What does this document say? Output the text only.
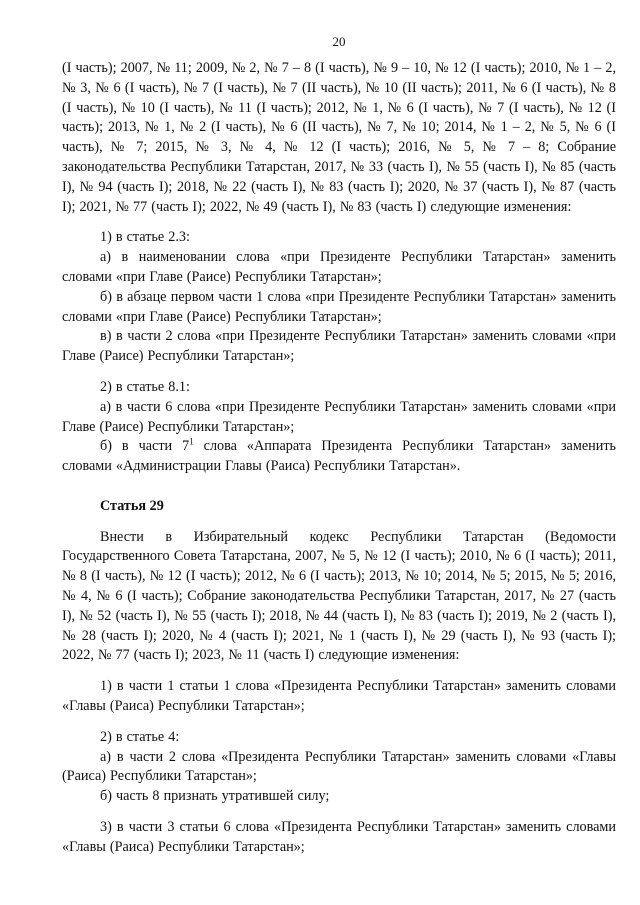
20

(I часть); 2007, № 11; 2009, № 2, № 7 – 8 (I часть), № 9 – 10, № 12 (I часть); 2010, № 1 – 2, № 3, № 6 (I часть), № 7 (I часть), № 7 (II часть), № 10 (II часть); 2011, № 6 (I часть), № 8 (I часть), № 10 (I часть), № 11 (I часть); 2012, № 1, № 6 (I часть), № 7 (I часть), № 12 (I часть); 2013, № 1, № 2 (I часть), № 6 (II часть), № 7, № 10; 2014, № 1 – 2, № 5, № 6 (I часть), № 7; 2015, № 3, № 4, № 12 (I часть); 2016, № 5, № 7 – 8; Собрание законодательства Республики Татарстан, 2017, № 33 (часть I), № 55 (часть I), № 85 (часть I), № 94 (часть I); 2018, № 22 (часть I), № 83 (часть I); 2020, № 37 (часть I), № 87 (часть I); 2021, № 77 (часть I); 2022, № 49 (часть I), № 83 (часть I) следующие изменения:

1) в статье 2.3:

а) в наименовании слова «при Президенте Республики Татарстан» заменить словами «при Главе (Раисе) Республики Татарстан»;

б) в абзаце первом части 1 слова «при Президенте Республики Татарстан» заменить словами «при Главе (Раисе) Республики Татарстан»;

в) в части 2 слова «при Президенте Республики Татарстан» заменить словами «при Главе (Раисе) Республики Татарстан»;

2) в статье 8.1:

а) в части 6 слова «при Президенте Республики Татарстан» заменить словами «при Главе (Раисе) Республики Татарстан»;

б) в части $7^1$ слова «Аппарата Президента Республики Татарстан» заменить словами «Администрации Главы (Раиса) Республики Татарстан».

Статья 29

Внести в Избирательный кодекс Республики Татарстан (Ведомости Государственного Совета Татарстана, 2007, № 5, № 12 (I часть); 2010, № 6 (I часть); 2011, № 8 (I часть), № 12 (I часть); 2012, № 6 (I часть); 2013, № 10; 2014, № 5; 2015, № 5; 2016, № 4, № 6 (I часть); Собрание законодательства Республики Татарстан, 2017, № 27 (часть I), № 52 (часть I), № 55 (часть I); 2018, № 44 (часть I), № 83 (часть I); 2019, № 2 (часть I), № 28 (часть I); 2020, № 4 (часть I); 2021, № 1 (часть I), № 29 (часть I), № 93 (часть I); 2022, № 77 (часть I); 2023, № 11 (часть I) следующие изменения:

1) в части 1 статьи 1 слова «Президента Республики Татарстан» заменить словами «Главы (Раиса) Республики Татарстан»;

2) в статье 4:

а) в части 2 слова «Президента Республики Татарстан» заменить словами «Главы (Раиса) Республики Татарстан»;

б) часть 8 признать утратившей силу;

3) в части 3 статьи 6 слова «Президента Республики Татарстан» заменить словами «Главы (Раиса) Республики Татарстан»;
